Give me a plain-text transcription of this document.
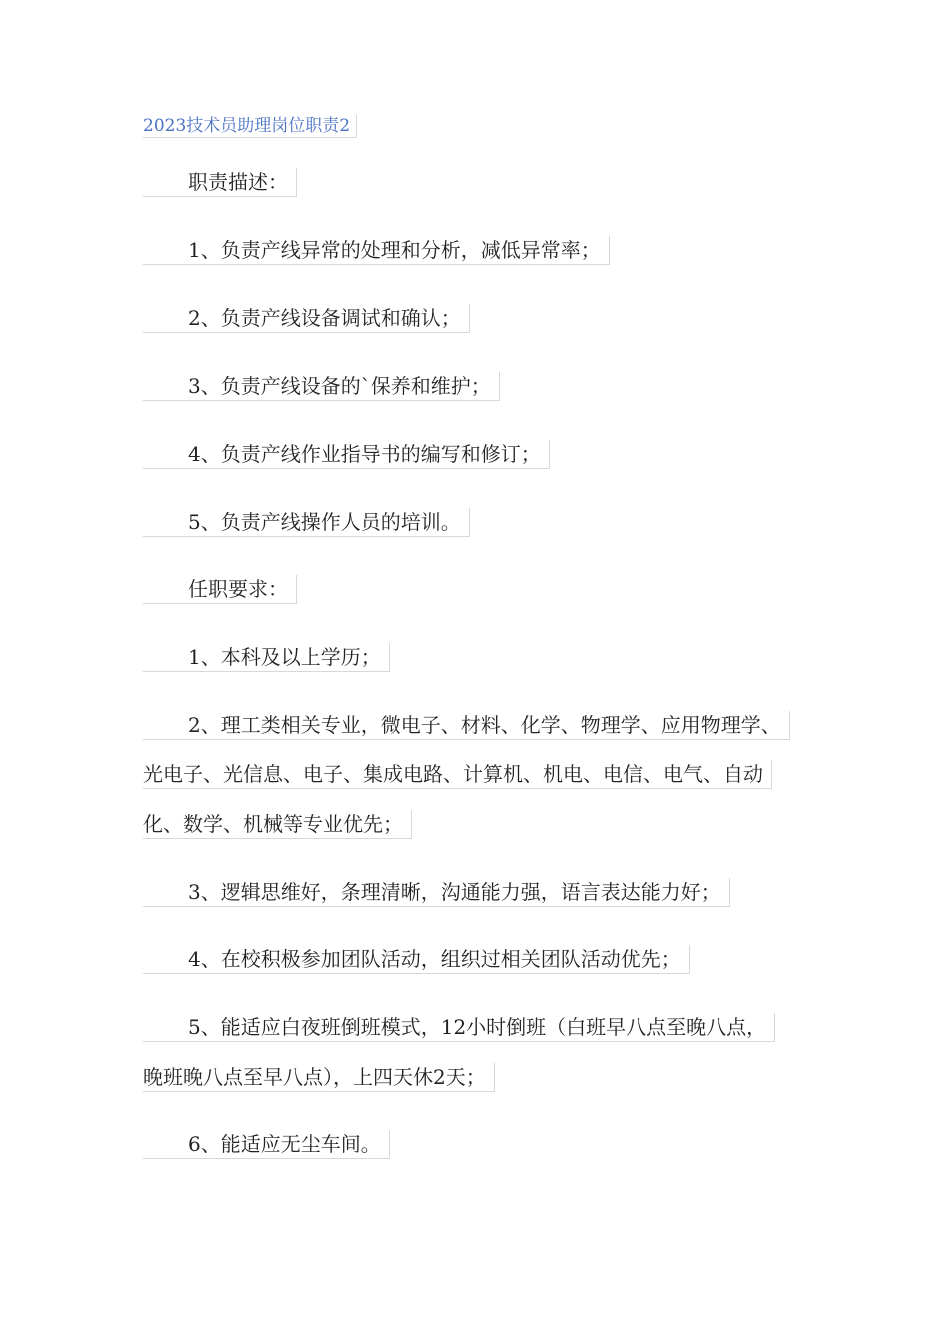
2023技术员助理岗位职责2
职责描述：
1、负责产线异常的处理和分析，减低异常率；
2、负责产线设备调试和确认；
3、负责产线设备的`保养和维护；
4、负责产线作业指导书的编写和修订；
5、负责产线操作人员的培训。
任职要求：
1、本科及以上学历；
2、理工类相关专业，微电子、材料、化学、物理学、应用物理学、
光电子、光信息、电子、集成电路、计算机、机电、电信、电气、自动
化、数学、机械等专业优先；
3、逻辑思维好，条理清晰，沟通能力强，语言表达能力好；
4、在校积极参加团队活动，组织过相关团队活动优先；
5、能适应白夜班倒班模式，12小时倒班（白班早八点至晚八点，
晚班晚八点至早八点），上四天休2天；
6、能适应无尘车间。
